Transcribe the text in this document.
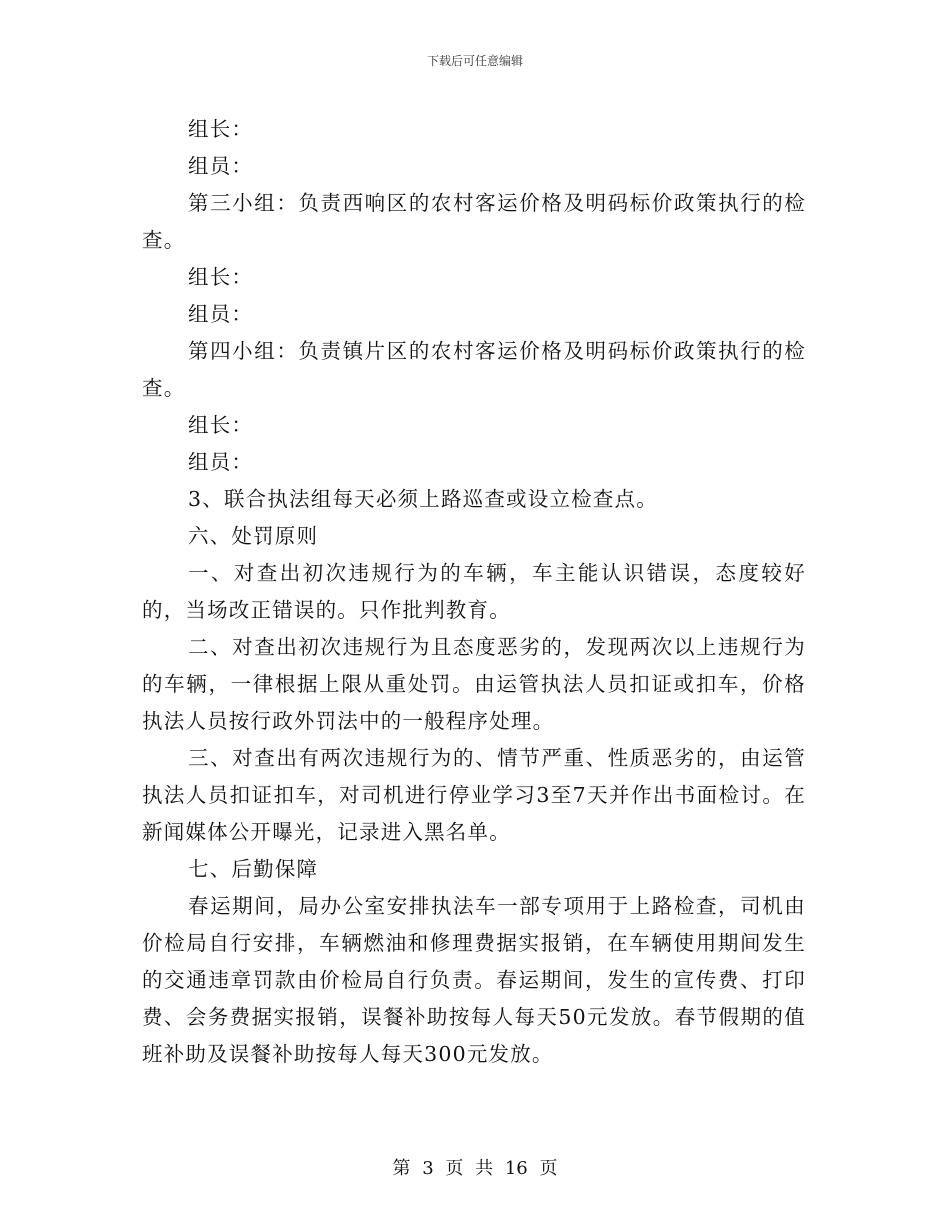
下载后可任意编辑

组长：

组员：

第三小组：负责西响区的农村客运价格及明码标价政策执行的检查。

组长：

组员：

第四小组：负责镇片区的农村客运价格及明码标价政策执行的检查。

组长：

组员：

3、联合执法组每天必须上路巡查或设立检查点。

六、处罚原则

一、对查出初次违规行为的车辆，车主能认识错误，态度较好的，当场改正错误的。只作批判教育。

二、对查出初次违规行为且态度恶劣的，发现两次以上违规行为的车辆，一律根据上限从重处罚。由运管执法人员扣证或扣车，价格执法人员按行政外罚法中的一般程序处理。

三、对查出有两次违规行为的、情节严重、性质恶劣的，由运管执法人员扣证扣车，对司机进行停业学习3至7天并作出书面检讨。在新闻媒体公开曝光，记录进入黑名单。

七、后勤保障

春运期间，局办公室安排执法车一部专项用于上路检查，司机由价检局自行安排，车辆燃油和修理费据实报销，在车辆使用期间发生的交通违章罚款由价检局自行负责。春运期间，发生的宣传费、打印费、会务费据实报销，误餐补助按每人每天50元发放。春节假期的值班补助及误餐补助按每人每天300元发放。

第 3 页 共 16 页
